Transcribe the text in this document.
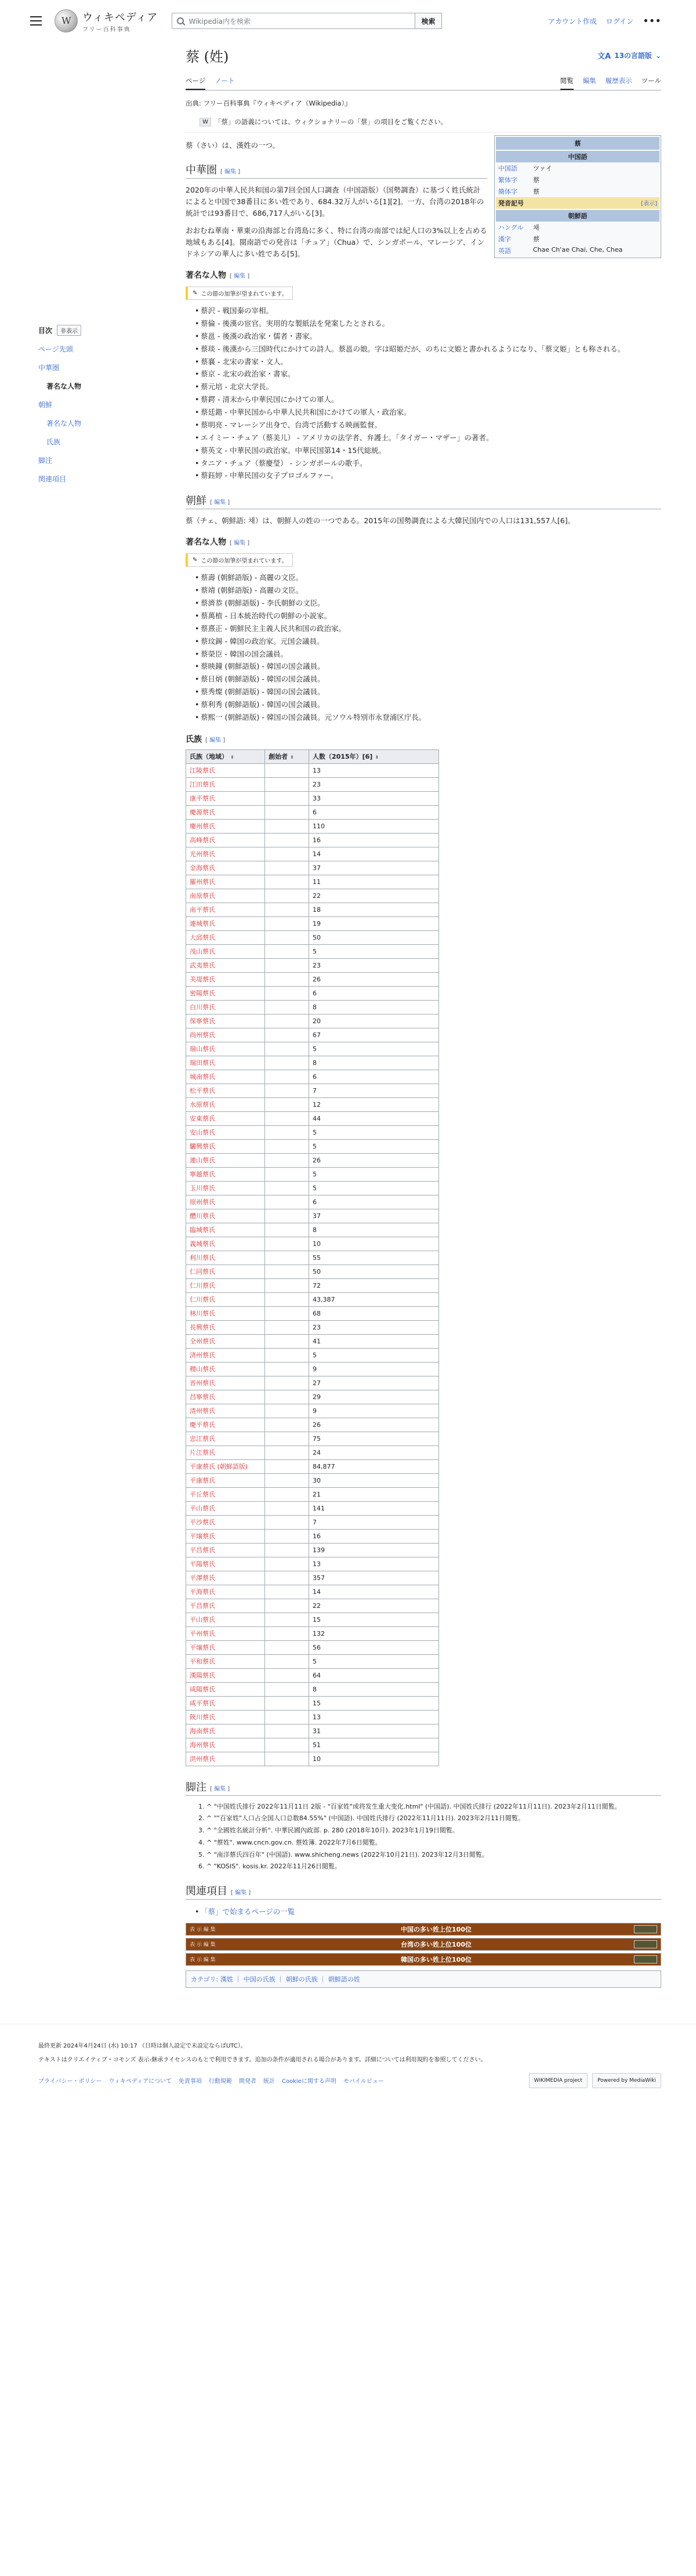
W
ウィキペディア
フリー百科事典
Wikipedia内を検索	検索	アカウント作成 ログイン •••
目次	非表示
ページ先頭
中華圏
著名な人物
朝鮮
著名な人物
氏族
脚注
関連項目
蔡 (姓)	文A 13の言語版 ⌄
ページ ノート	閲覧 編集 履歴表示 ツール
出典: フリー百科事典『ウィキペディア（Wikipedia）』
W 「蔡」の語義については、ウィクショナリーの「蔡」の項目をご覧ください。

蔡（さい）は、漢姓の一つ。	蔡
中国語
中国語	ツァイ
繁体字	蔡
簡体字	蔡
発音記号	[表示]
朝鮮語
ハングル	채
漢字	蔡
英語	Chae Ch'ae Chai, Che, Chea
中華圏 [ 編集 ]

2020年の中華人民共和国の第7回全国人口調査（中国語版）（国勢調査）に基づく姓氏統計によると中国で38番目に多い姓であり、684.32万人がいる[1][2]。一方、台湾の2018年の統計では93番目で、686,717人がいる[3]。

おおむね華南・華東の沿海部と台湾島に多く、特に台湾の南部では紀人口の3%以上を占める地域もある[4]。閩南語での発音は「チュア」（Chua）で、シンガポール、マレーシア、インドネシアの華人に多い姓である[5]。

著名な人物 [ 編集 ]
✎ この節の加筆が望まれています。
• 蔡沢 - 戦国秦の宰相。
• 蔡倫 - 後漢の宦官。実用的な製紙法を発案したとされる。
• 蔡邕 - 後漢の政治家・儒者・書家。
• 蔡琰 - 後漢から三国時代にかけての詩人。蔡邕の娘。字は昭姫だが、のちに文姫と書かれるようになり、「蔡文姫」とも称される。
• 蔡襄 - 北宋の書家・文人。
• 蔡京 - 北宋の政治家・書家。
• 蔡元培 - 北京大学長。
• 蔡鍔 - 清末から中華民国にかけての軍人。
• 蔡廷鍇 - 中華民国から中華人民共和国にかけての軍人・政治家。
• 蔡明亮 - マレーシア出身で、台湾で活動する映画監督。
• エイミー・チュア（蔡美儿） - アメリカの法学者、弁護士。「タイガー・マザー」の著者。
• 蔡英文 - 中華民国の政治家。中華民国第14・15代総統。
• タニア・チュア（蔡慶瑩） - シンガポールの歌手。
• 蔡鈺婷 - 中華民国の女子プロゴルファー。
朝鮮 [ 編集 ]

蔡（チェ、朝鮮語: 채）は、朝鮮人の姓の一つである。2015年の国勢調査による大韓民国内での人口は131,557人[6]。

著名な人物 [ 編集 ]
✎ この節の加筆が望まれています。
• 蔡壽 (朝鮮語版) - 高麗の文臣。
• 蔡靖 (朝鮮語版) - 高麗の文臣。
• 蔡濟恭 (朝鮮語版) - 李氏朝鮮の文臣。
• 蔡萬植 - 日本統治時代の朝鮮の小説家。
• 蔡熹正 - 朝鮮民主主義人民共和国の政治家。
• 蔡玟錫 - 韓国の政治家。元国会議員。
• 蔡榮臣 - 韓国の国会議員。
• 蔡映鐘 (朝鮮語版) - 韓国の国会議員。
• 蔡日炳 (朝鮮語版) - 韓国の国会議員。
• 蔡秀燦 (朝鮮語版) - 韓国の国会議員。
• 蔡利秀 (朝鮮語版) - 韓国の国会議員。
• 蔡熙一 (朝鮮語版) - 韓国の国会議員。元ソウル特別市永登浦区庁長。
氏族 [ 編集 ]
氏族（地域） ⬍	創始者 ⬍	人数（2015年）[6] ⬍
江陵蔡氏		13
江田蔡氏		23
康平蔡氏		33
慶源蔡氏		6
慶州蔡氏		110
高峰蔡氏		16
光州蔡氏		14
金海蔡氏		37
羅州蔡氏		11
南原蔡氏		22
南平蔡氏		18
連城蔡氏		19
大邱蔡氏		50
茂山蔡氏		5
武夷蔡氏		23
美堤蔡氏		26
密陽蔡氏		6
白川蔡氏		8
保寧蔡氏		20
尚州蔡氏		67
瑞山蔡氏		5
瑞田蔡氏		8
城南蔡氏		6
松平蔡氏		7
水原蔡氏		12
安東蔡氏		44
安山蔡氏		5
驪興蔡氏		5
連山蔡氏		26
寧越蔡氏		5
玉川蔡氏		5
原州蔡氏		6
醴川蔡氏		37
臨城蔡氏		8
義城蔡氏		10
利川蔡氏		55
仁同蔡氏		50
仁川蔡氏		72
仁川蔡氏		43,387
林川蔡氏		68
長興蔡氏		23
全州蔡氏		41
済州蔡氏		5
稷山蔡氏		9
晋州蔡氏		27
昌寧蔡氏		29
清州蔡氏		9
慶平蔡氏		26
忠江蔡氏		75
片江蔡氏		24
平康蔡氏 (朝鮮語版)		84,877
平康蔡氏		30
平丘蔡氏		21
平山蔡氏		141
平沙蔡氏		7
平壌蔡氏		16
平昌蔡氏		139
平陽蔡氏		13
平澤蔡氏		357
平海蔡氏		14
平昌蔡氏		22
平山蔡氏		15
平州蔡氏		132
平壌蔡氏		56
平和蔡氏		5
漢陽蔡氏		64
咸陽蔡氏		8
咸平蔡氏		15
陜川蔡氏		13
海南蔡氏		31
海州蔡氏		51
洪州蔡氏		10
脚注 [ 編集 ]
1. ^ "中国姓氏排行 2022年11月11日 2版 - "百家姓"或将发生重大变化.html" (中国語). 中国姓氏排行 (2022年11月11日). 2023年2月11日閲覧。
2. ^ ""百家姓"人口占全国人口总数84.55%" (中国語). 中国姓氏排行 (2022年11月11日). 2023年2月11日閲覧。
3. ^ "全國姓名統計分析". 中華民國內政部. p. 280 (2018年10月). 2023年1月19日閲覧。
4. ^ "蔡姓". www.cncn.gov.cn. 蔡姓簿. 2022年7月6日閲覧。
5. ^ "南洋蔡氏四百年" (中国語). www.shicheng.news (2022年10月21日). 2023年12月3日閲覧。
6. ^ "KOSIS". kosis.kr. 2022年11月26日閲覧。
関連項目 [ 編集 ]
• 「蔡」で始まるページの一覧
表 示 編 集	中国の多い姓上位100位
表 示 編 集	台湾の多い姓上位100位
表 示 編 集	韓国の多い姓上位100位
カテゴリ: 漢姓 ｜ 中国の氏族 ｜ 朝鮮の氏族 ｜ 朝鮮語の姓

最終更新 2024年4月24日 (水) 10:17 （日時は個人設定で未設定ならばUTC）。

テキストはクリエイティブ・コモンズ 表示-継承ライセンスのもとで利用できます。追加の条件が適用される場合があります。詳細については利用規約を参照してください。

プライバシー・ポリシー ウィキペディアについて 免責事項 行動規範 開発者 統計 Cookieに関する声明 モバイルビュー	WIKIMEDIA project	Powered by MediaWiki
